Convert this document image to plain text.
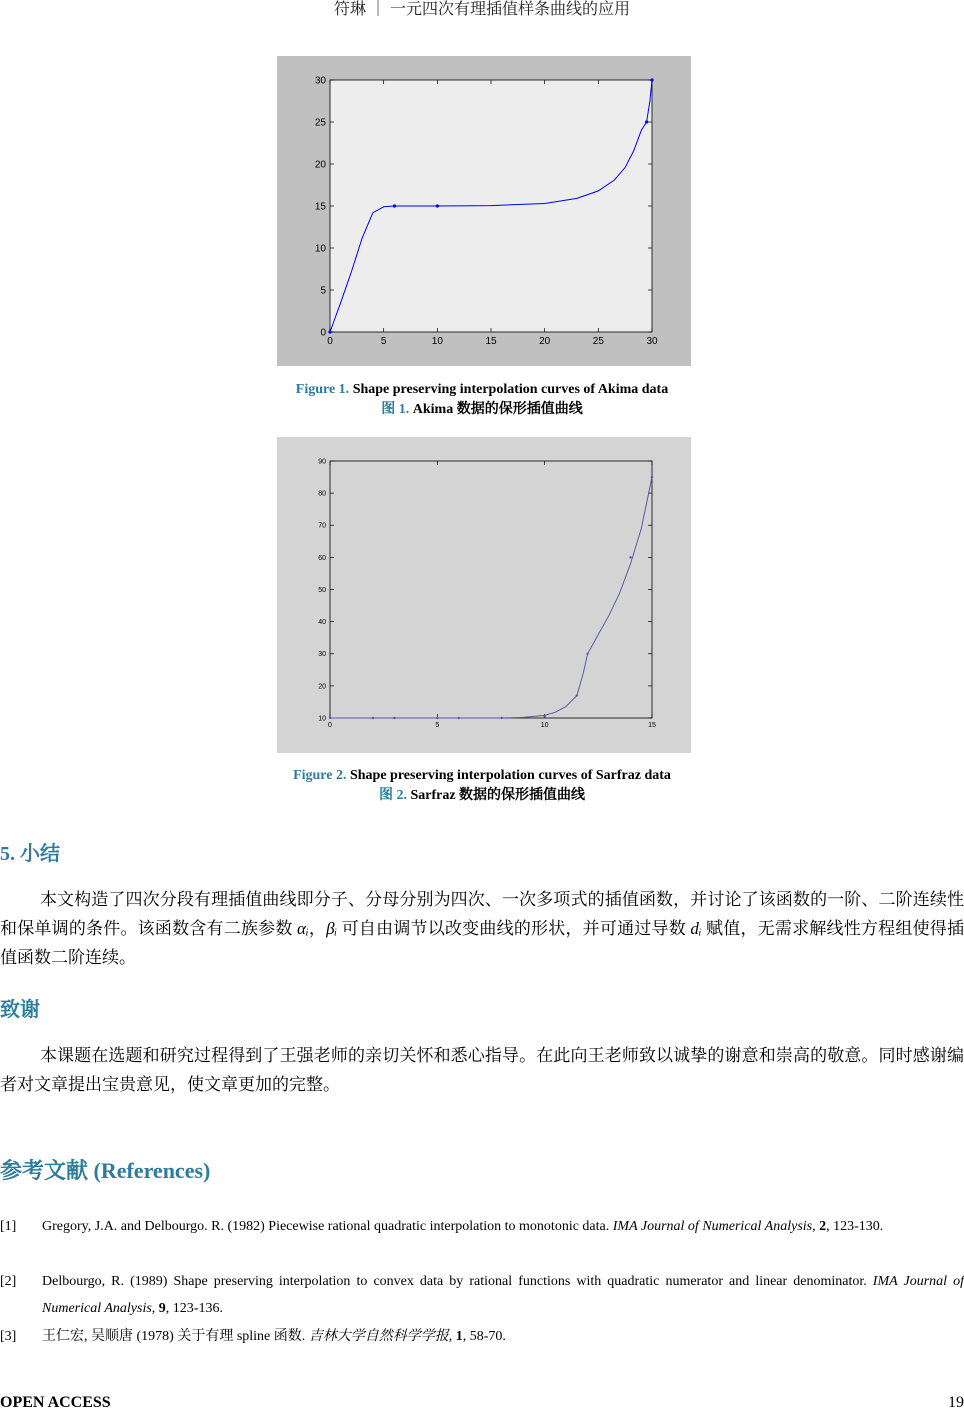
符琳 ｜ 一元四次有理插值样条曲线的应用
0	5	10	15	20	25	30
0
5
10
15
20
25
30
Figure 1. Shape preserving interpolation curves of Akima data
图 1. Akima 数据的保形插值曲线
0	5	10	15
10
20
30
40
50
60
70
80
90
Figure 2. Shape preserving interpolation curves of Sarfraz data
图 2. Sarfraz 数据的保形插值曲线
5. 小结

本文构造了四次分段有理插值曲线即分子、分母分别为四次、一次多项式的插值函数，并讨论了该函数的一阶、二阶连续性和保单调的条件。该函数含有二族参数 αᵢ，βᵢ 可自由调节以改变曲线的形状，并可通过导数 dᵢ 赋值，无需求解线性方程组使得插值函数二阶连续。

致谢

本课题在选题和研究过程得到了王强老师的亲切关怀和悉心指导。在此向王老师致以诚挚的谢意和崇高的敬意。同时感谢编者对文章提出宝贵意见，使文章更加的完整。

参考文献 (References)
[1] Gregory, J.A. and Delbourgo. R. (1982) Piecewise rational quadratic interpolation to monotonic data. IMA Journal of Numerical Analysis, 2, 123-130.
[2] Delbourgo, R. (1989) Shape preserving interpolation to convex data by rational functions with quadratic numerator and linear denominator. IMA Journal of Numerical Analysis, 9, 123-136.
[3] 王仁宏, 吴顺唐 (1978) 关于有理 spline 函数. 吉林大学自然科学学报, 1, 58-70.
OPEN ACCESS	19
